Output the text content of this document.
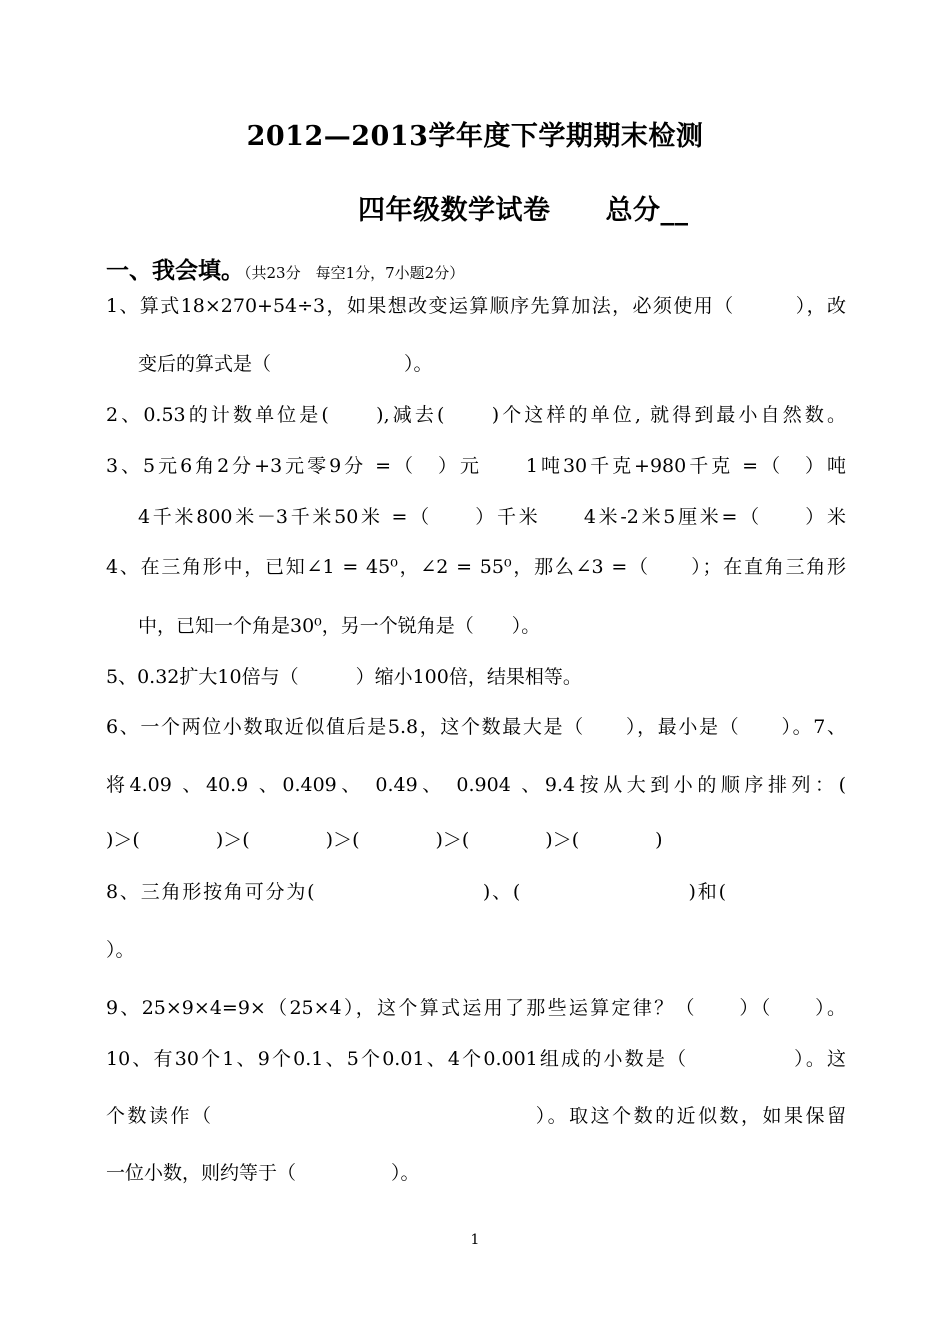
2012—2013学年度下学期期末检测
四年级数学试卷　　总分__
一、我会填。（共23分　每空1分，7小题2分）
1、算式18×270+54÷3，如果想改变运算顺序先算加法，必须使用（　　　），改
变后的算式是（　　　　　　　）。
2、0.53的计数单位是(　　),减去(　　)个这样的单位, 就得到最小自然数。
3、5元6角2分+3元零9分 =（　）元　　1吨30千克+980千克 =（　）吨
4千米800米－3千米50米 =（　　）千米　　4米-2米5厘米=（　　）米
4、在三角形中，已知∠1 = 45⁰，∠2 = 55⁰，那么∠3 =（　　）；在直角三角形
中，已知一个角是30⁰，另一个锐角是（　　）。
5、0.32扩大10倍与（　　　）缩小100倍，结果相等。
6、一个两位小数取近似值后是5.8，这个数最大是（　　），最小是（　　）。7、
将4.09 、40.9 、0.409、 0.49、 0.904 、9.4按从大到小的顺序排列：(
)＞(　　　　)＞(　　　　)＞(　　　　)＞(　　　　)＞(　　　　)
8、三角形按角可分为(　　　　　　　　)、(　　　　　　　　)和(
）。
9、25×9×4=9×（25×4），这个算式运用了那些运算定律？（　　）（　　）。
10、有30个1、9个0.1、5个0.01、4个0.001组成的小数是（　　　　　）。这
个数读作（　　　　　　　　　　　　　　　）。取这个数的近似数，如果保留
一位小数，则约等于（　　　　　）。
1
